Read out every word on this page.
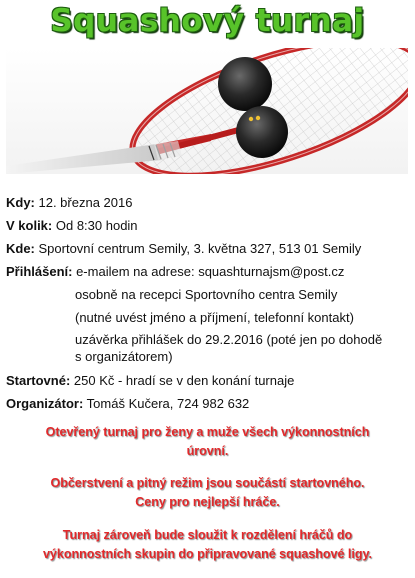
Squashový turnaj
Kdy: 12. března 2016
V kolik: Od 8:30 hodin
Kde: Sportovní centrum Semily, 3. května 327, 513 01 Semily
Přihlášení: e-mailem na adrese: squashturnajsm@post.cz
osobně na recepci Sportovního centra Semily
(nutné uvést jméno a příjmení, telefonní kontakt)
uzávěrka přihlášek do 29.2.2016 (poté jen po dohodě
s organizátorem)
Startovné: 250 Kč - hradí se v den konání turnaje
Organizátor: Tomáš Kučera, 724 982 632
Otevřený turnaj pro ženy a muže všech výkonnostních
úrovní.
Občerstvení a pitný režim jsou součástí startovného.
Ceny pro nejlepší hráče.
Turnaj zároveň bude sloužit k rozdělení hráčů do
výkonnostních skupin do připravované squashové ligy.
